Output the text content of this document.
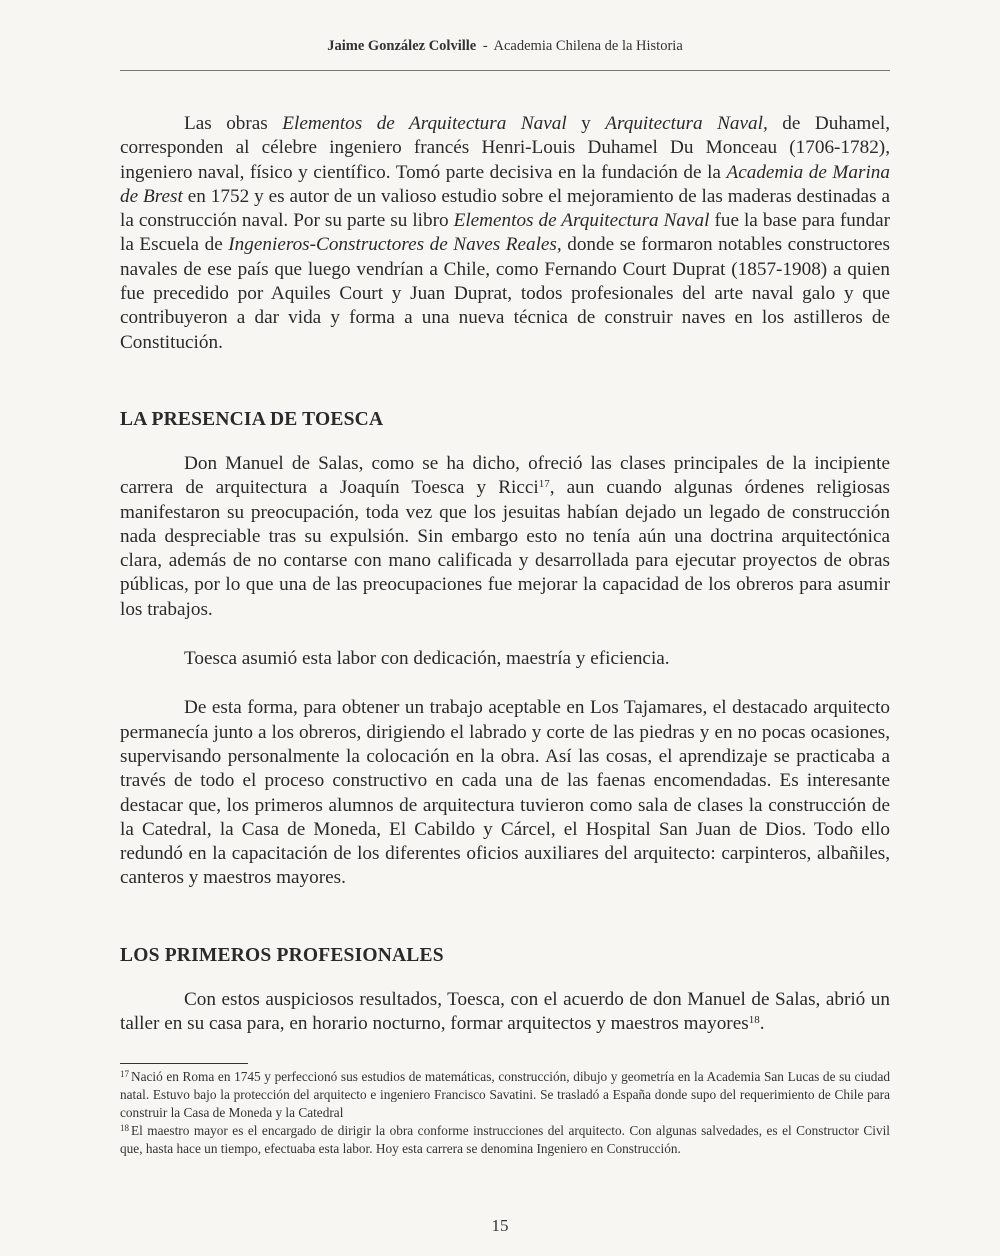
Jaime González Colville - Academia Chilena de la Historia

Las obras Elementos de Arquitectura Naval y Arquitectura Naval, de Duhamel, corresponden al célebre ingeniero francés Henri-Louis Duhamel Du Monceau (1706-1782), ingeniero naval, físico y científico. Tomó parte decisiva en la fundación de la Academia de Marina de Brest en 1752 y es autor de un valioso estudio sobre el mejoramiento de las maderas destinadas a la construcción naval. Por su parte su libro Elementos de Arquitectura Naval fue la base para fundar la Escuela de Ingenieros-Constructores de Naves Reales, donde se formaron notables constructores navales de ese país que luego vendrían a Chile, como Fernando Court Duprat (1857-1908) a quien fue precedido por Aquiles Court y Juan Duprat, todos profesionales del arte naval galo y que contribuyeron a dar vida y forma a una nueva técnica de construir naves en los astilleros de Constitución.

LA PRESENCIA DE TOESCA

Don Manuel de Salas, como se ha dicho, ofreció las clases principales de la incipiente carrera de arquitectura a Joaquín Toesca y Ricci$^{17}$, aun cuando algunas órdenes religiosas manifestaron su preocupación, toda vez que los jesuitas habían dejado un legado de construcción nada despreciable tras su expulsión. Sin embargo esto no tenía aún una doctrina arquitectónica clara, además de no contarse con mano calificada y desarrollada para ejecutar proyectos de obras públicas, por lo que una de las preocupaciones fue mejorar la capacidad de los obreros para asumir los trabajos.

Toesca asumió esta labor con dedicación, maestría y eficiencia.

De esta forma, para obtener un trabajo aceptable en Los Tajamares, el destacado arquitecto permanecía junto a los obreros, dirigiendo el labrado y corte de las piedras y en no pocas ocasiones, supervisando personalmente la colocación en la obra. Así las cosas, el aprendizaje se practicaba a través de todo el proceso constructivo en cada una de las faenas encomendadas. Es interesante destacar que, los primeros alumnos de arquitectura tuvieron como sala de clases la construcción de la Catedral, la Casa de Moneda, El Cabildo y Cárcel, el Hospital San Juan de Dios. Todo ello redundó en la capacitación de los diferentes oficios auxiliares del arquitecto: carpinteros, albañiles, canteros y maestros mayores.

LOS PRIMEROS PROFESIONALES

Con estos auspiciosos resultados, Toesca, con el acuerdo de don Manuel de Salas, abrió un taller en su casa para, en horario nocturno, formar arquitectos y maestros mayores$^{18}$.

$^{17}$ Nació en Roma en 1745 y perfeccionó sus estudios de matemáticas, construcción, dibujo y geometría en la Academia San Lucas de su ciudad natal. Estuvo bajo la protección del arquitecto e ingeniero Francisco Savatini. Se trasladó a España donde supo del requerimiento de Chile para construir la Casa de Moneda y la Catedral
$^{18}$ El maestro mayor es el encargado de dirigir la obra conforme instrucciones del arquitecto. Con algunas salvedades, es el Constructor Civil que, hasta hace un tiempo, efectuaba esta labor. Hoy esta carrera se denomina Ingeniero en Construcción.
15
